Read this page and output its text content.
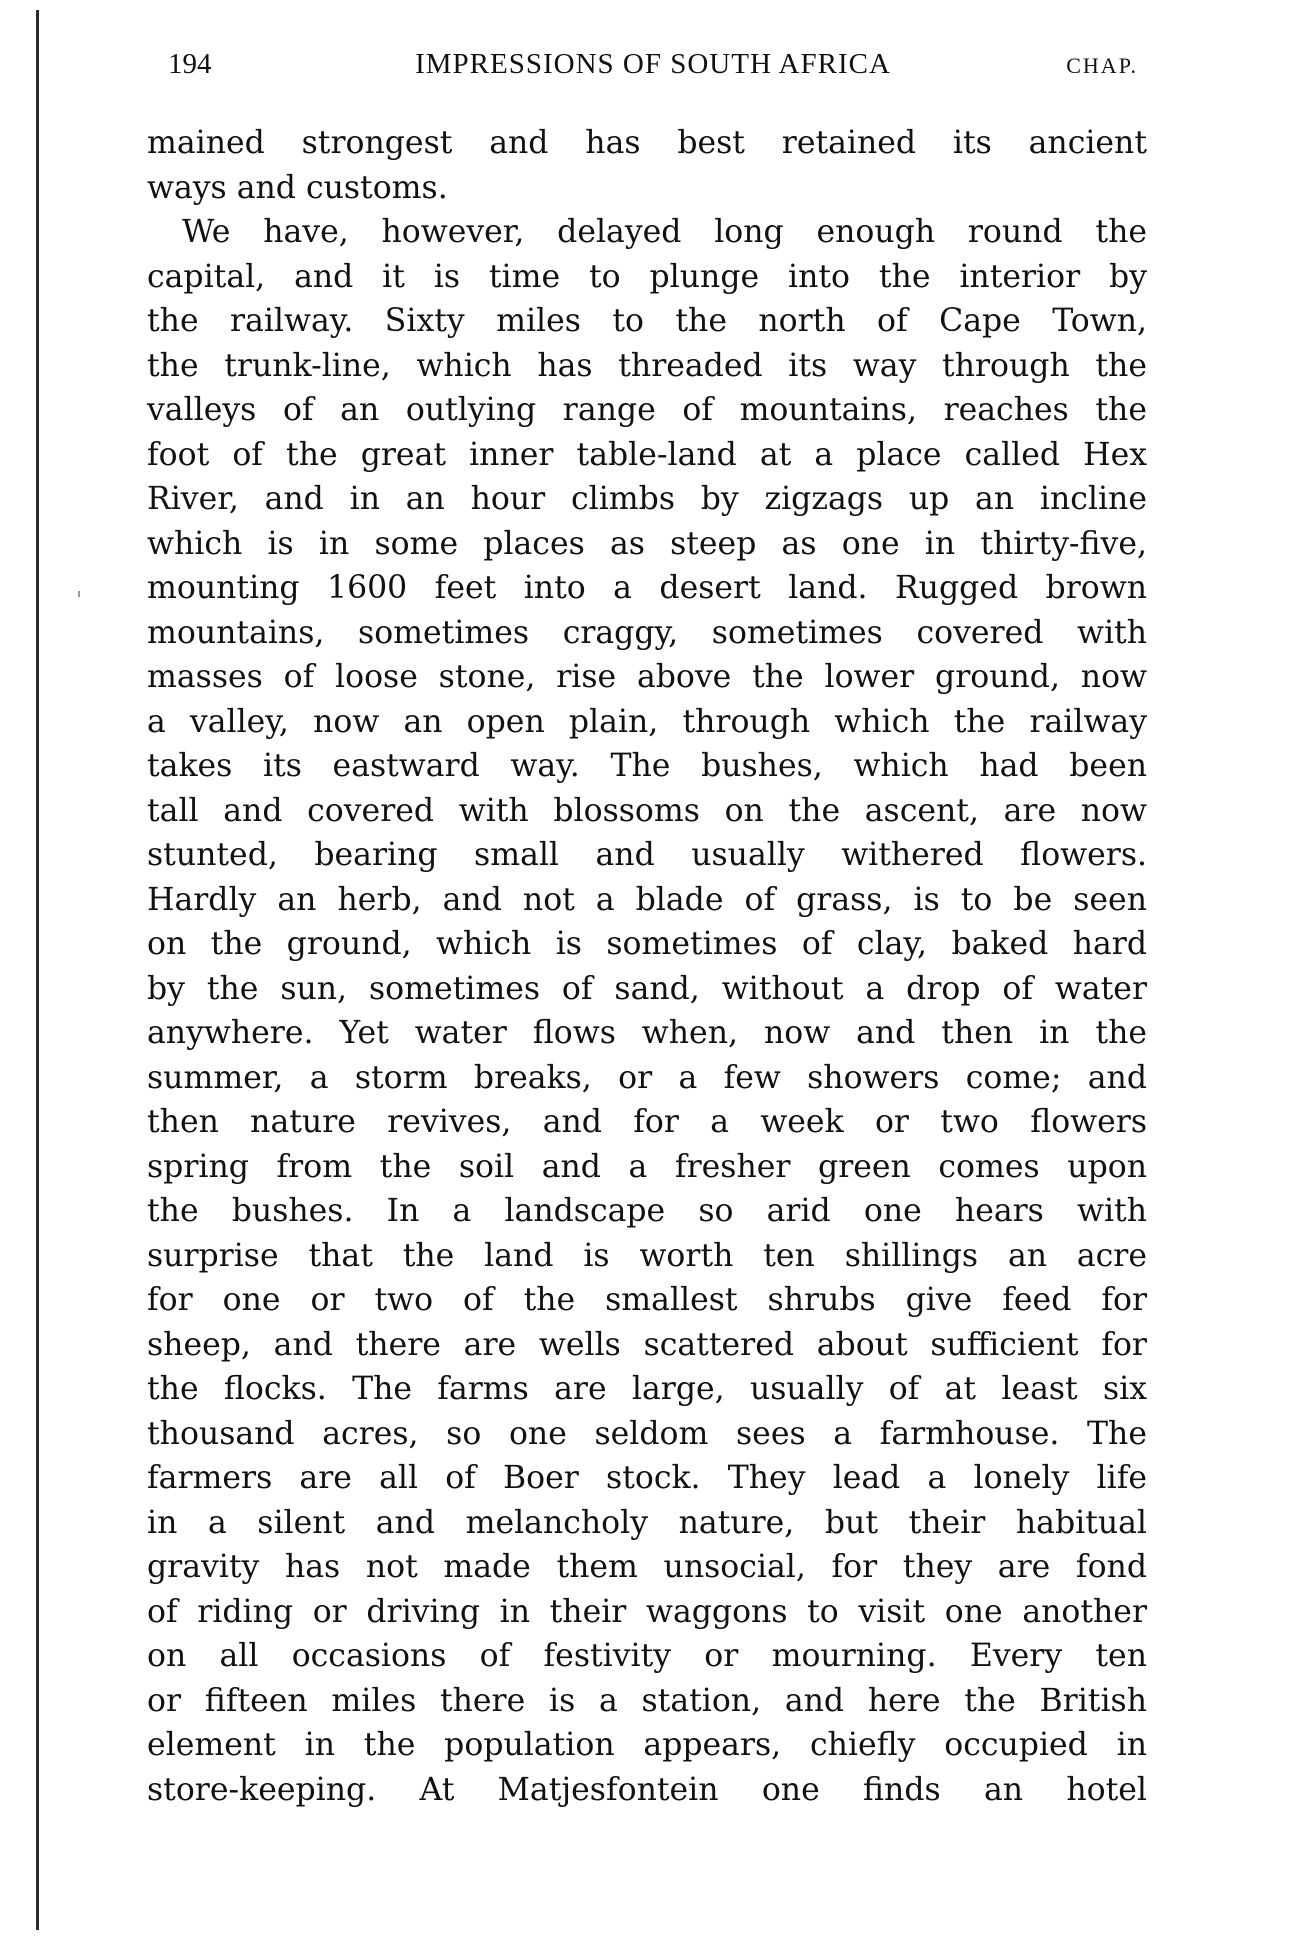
194	IMPRESSIONS OF SOUTH AFRICA	CHAP.
mained strongest and has best retained its ancient
ways and customs.
We have, however, delayed long enough round the
capital, and it is time to plunge into the interior by
the railway. Sixty miles to the north of Cape Town,
the trunk-line, which has threaded its way through the
valleys of an outlying range of mountains, reaches the
foot of the great inner table-land at a place called Hex
River, and in an hour climbs by zigzags up an incline
which is in some places as steep as one in thirty-five,
mounting 1600 feet into a desert land. Rugged brown
mountains, sometimes craggy, sometimes covered with
masses of loose stone, rise above the lower ground, now
a valley, now an open plain, through which the railway
takes its eastward way. The bushes, which had been
tall and covered with blossoms on the ascent, are now
stunted, bearing small and usually withered flowers.
Hardly an herb, and not a blade of grass, is to be seen
on the ground, which is sometimes of clay, baked hard
by the sun, sometimes of sand, without a drop of water
anywhere. Yet water flows when, now and then in the
summer, a storm breaks, or a few showers come; and
then nature revives, and for a week or two flowers
spring from the soil and a fresher green comes upon
the bushes. In a landscape so arid one hears with
surprise that the land is worth ten shillings an acre
for one or two of the smallest shrubs give feed for
sheep, and there are wells scattered about sufficient for
the flocks. The farms are large, usually of at least six
thousand acres, so one seldom sees a farmhouse. The
farmers are all of Boer stock. They lead a lonely life
in a silent and melancholy nature, but their habitual
gravity has not made them unsocial, for they are fond
of riding or driving in their waggons to visit one another
on all occasions of festivity or mourning. Every ten
or fifteen miles there is a station, and here the British
element in the population appears, chiefly occupied in
store-keeping. At Matjesfontein one finds an hotel
